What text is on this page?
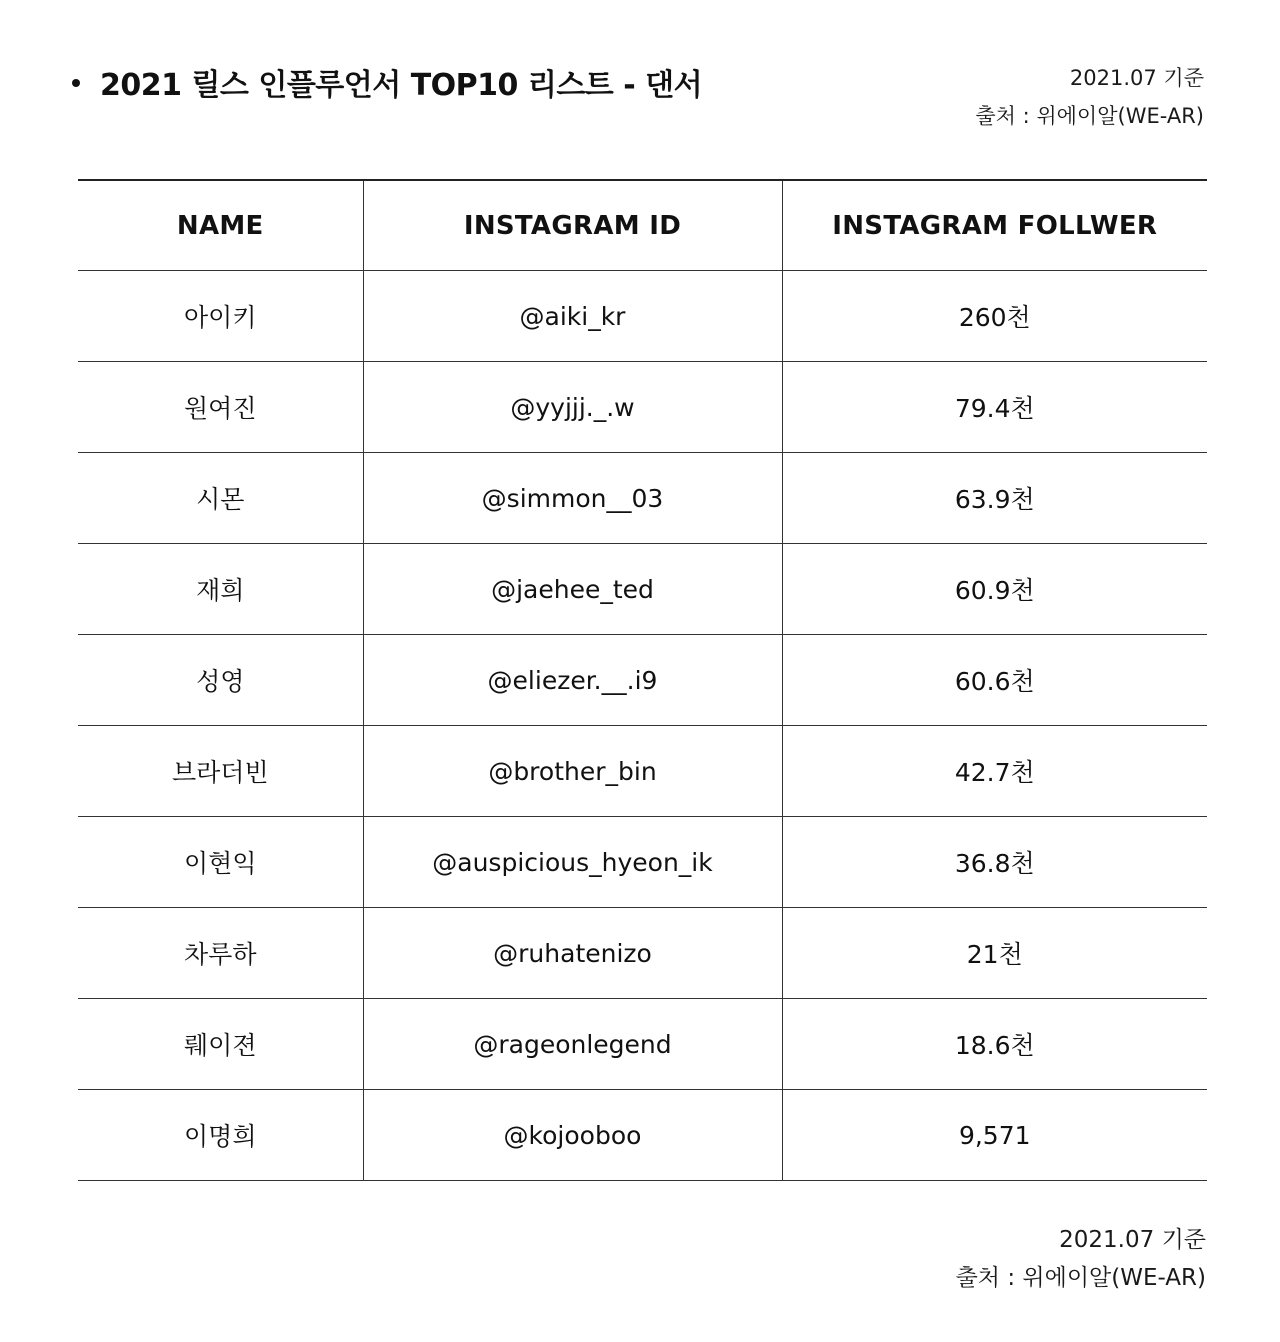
2021 릴스 인플루언서 TOP10 리스트 - 댄서	2021.07 기준
출처 : 위에이알(WE-AR)
NAME	INSTAGRAM ID	INSTAGRAM FOLLWER
아이키	@aiki_kr	260천
원여진	@yyjjj._.w	79.4천
시몬	@simmon__03	63.9천
재희	@jaehee_ted	60.9천
성영	@eliezer.__.i9	60.6천
브라더빈	@brother_bin	42.7천
이현익	@auspicious_hyeon_ik	36.8천
차루하	@ruhatenizo	21천
뤠이젼	@rageonlegend	18.6천
이명희	@kojooboo	9,571
2021.07 기준
출처 : 위에이알(WE-AR)
